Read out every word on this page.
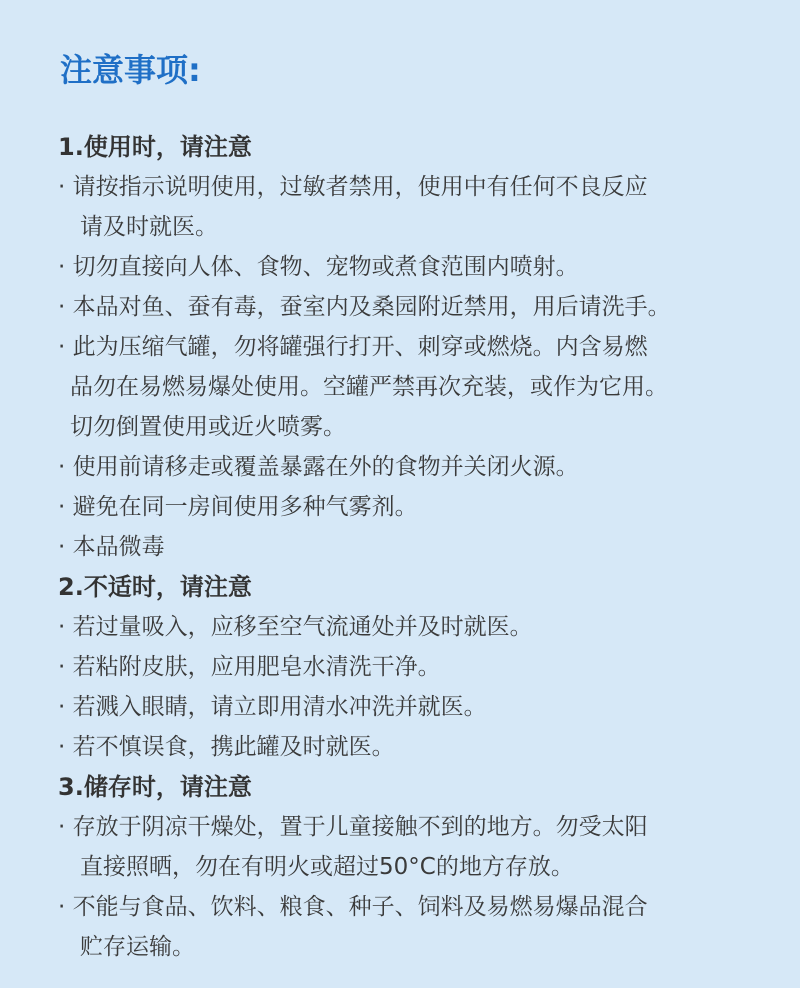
注意事项:
1.使用时，请注意
· 请按指示说明使用，过敏者禁用，使用中有任何不良反应
请及时就医。
· 切勿直接向人体、食物、宠物或煮食范围内喷射。
· 本品对鱼、蚕有毒，蚕室内及桑园附近禁用，用后请洗手。
· 此为压缩气罐，勿将罐强行打开、刺穿或燃烧。内含易燃
品勿在易燃易爆处使用。空罐严禁再次充装，或作为它用。
切勿倒置使用或近火喷雾。
· 使用前请移走或覆盖暴露在外的食物并关闭火源。
· 避免在同一房间使用多种气雾剂。
· 本品微毒
2.不适时，请注意
· 若过量吸入，应移至空气流通处并及时就医。
· 若粘附皮肤，应用肥皂水清洗干净。
· 若溅入眼睛，请立即用清水冲洗并就医。
· 若不慎误食，携此罐及时就医。
3.储存时，请注意
· 存放于阴凉干燥处，置于儿童接触不到的地方。勿受太阳
直接照晒，勿在有明火或超过50°C的地方存放。
· 不能与食品、饮料、粮食、种子、饲料及易燃易爆品混合
贮存运输。
